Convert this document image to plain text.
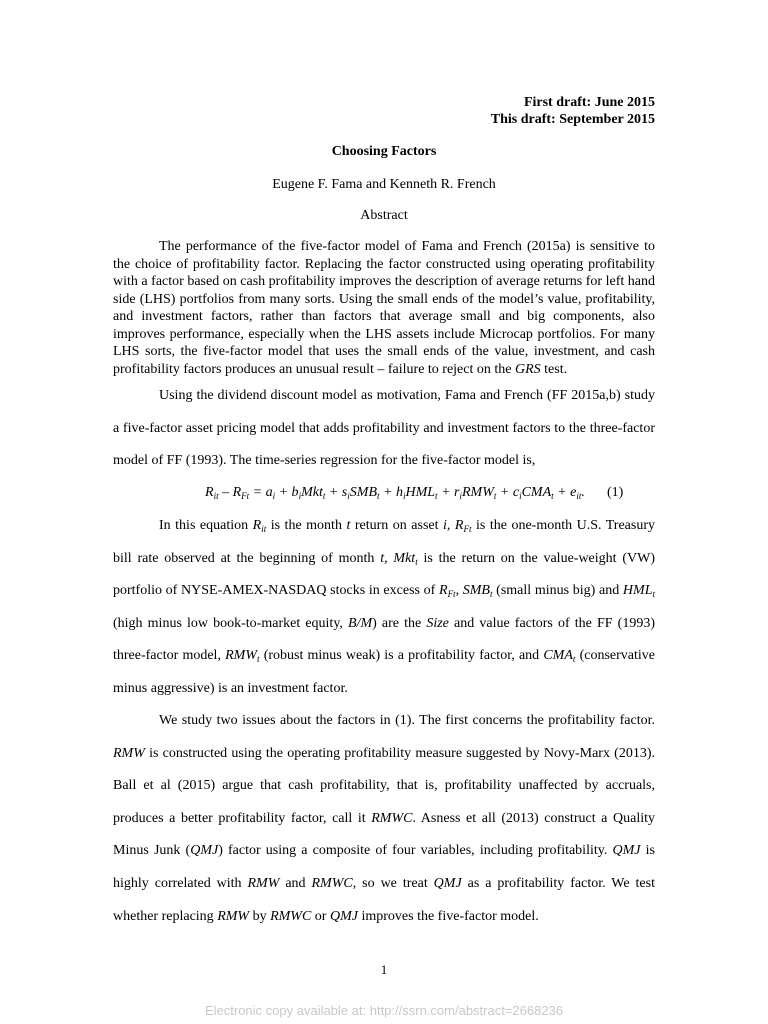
First draft: June 2015
This draft: September 2015
Choosing Factors
Eugene F. Fama and Kenneth R. French
Abstract
The performance of the five-factor model of Fama and French (2015a) is sensitive to the choice of profitability factor. Replacing the factor constructed using operating profitability with a factor based on cash profitability improves the description of average returns for left hand side (LHS) portfolios from many sorts. Using the small ends of the model’s value, profitability, and investment factors, rather than factors that average small and big components, also improves performance, especially when the LHS assets include Microcap portfolios. For many LHS sorts, the five-factor model that uses the small ends of the value, investment, and cash profitability factors produces an unusual result – failure to reject on the GRS test.
Using the dividend discount model as motivation, Fama and French (FF 2015a,b) study a five-factor asset pricing model that adds profitability and investment factors to the three-factor model of FF (1993). The time-series regression for the five-factor model is,
$R_{it} - R_{Ft} = a_i + b_iMkt_t + s_iSMB_t + h_iHML_t + r_iRMW_t + c_iCMA_t + e_{it}$.	(1)
In this equation $R_{it}$ is the month t return on asset i, $R_{Ft}$ is the one-month U.S. Treasury bill rate observed at the beginning of month t, Mkt$_t$ is the return on the value-weight (VW) portfolio of NYSE-AMEX-NASDAQ stocks in excess of $R_{Ft}$, $SMB_t$ (small minus big) and $HML_t$ (high minus low book-to-market equity, B/M) are the Size and value factors of the FF (1993) three-factor model, $RMW_t$ (robust minus weak) is a profitability factor, and $CMA_t$ (conservative minus aggressive) is an investment factor.
We study two issues about the factors in (1). The first concerns the profitability factor. RMW is constructed using the operating profitability measure suggested by Novy-Marx (2013). Ball et al (2015) argue that cash profitability, that is, profitability unaffected by accruals, produces a better profitability factor, call it RMWC. Asness et all (2013) construct a Quality Minus Junk (QMJ) factor using a composite of four variables, including profitability. QMJ is highly correlated with RMW and RMWC, so we treat QMJ as a profitability factor. We test whether replacing RMW by RMWC or QMJ improves the five-factor model.
1
Electronic copy available at: http://ssrn.com/abstract=2668236
